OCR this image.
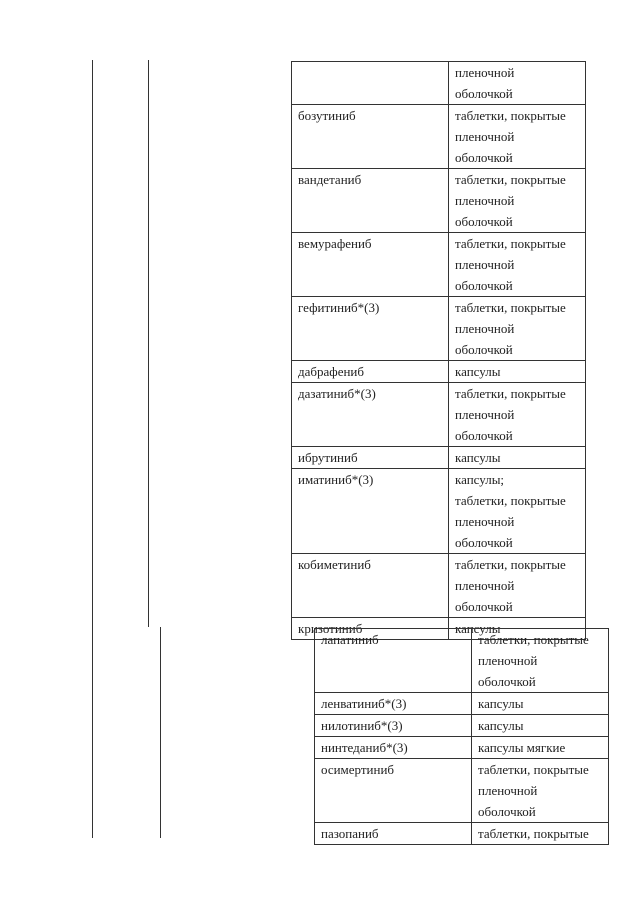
	пленочной
оболочкой

бозутиниб	таблетки, покрытые
пленочной
оболочкой

вандетаниб	таблетки, покрытые
пленочной
оболочкой

вемурафениб	таблетки, покрытые
пленочной
оболочкой

гефитиниб*(3)	таблетки, покрытые
пленочной
оболочкой

дабрафениб	капсулы

дазатиниб*(3)	таблетки, покрытые
пленочной
оболочкой

ибрутиниб	капсулы

иматиниб*(3)	капсулы;
таблетки, покрытые
пленочной
оболочкой

кобиметиниб	таблетки, покрытые
пленочной
оболочкой

кризотиниб	капсулы
лапатиниб	таблетки, покрытые
пленочной
оболочкой

ленватиниб*(3)	капсулы

нилотиниб*(3)	капсулы

нинтеданиб*(3)	капсулы мягкие

осимертиниб	таблетки, покрытые
пленочной
оболочкой

пазопаниб	таблетки, покрытые
